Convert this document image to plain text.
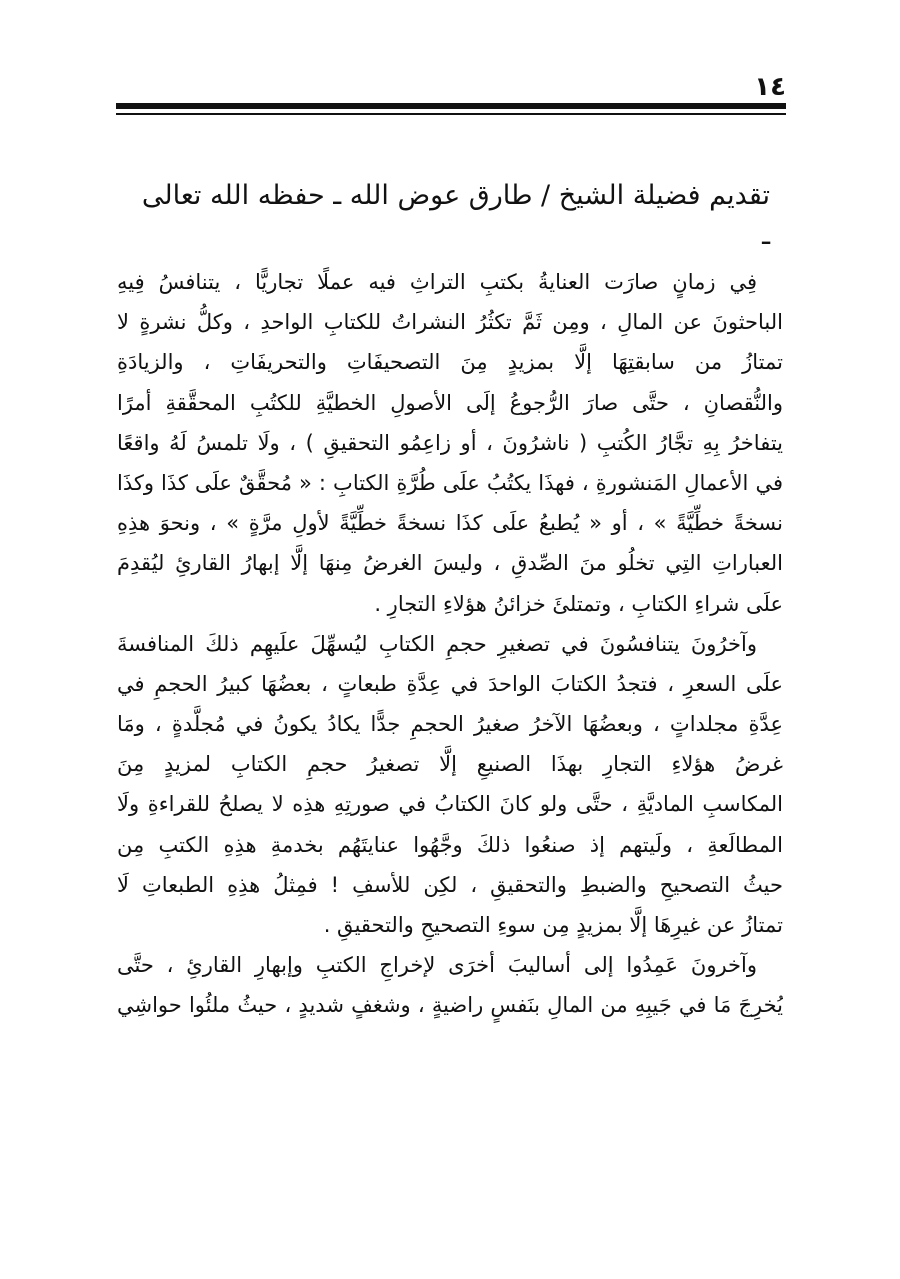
١٤
تقديم فضيلة الشيخ / طارق عوض الله ـ حفظه الله تعالى ـ
فِي زمانٍ صارَت العنايةُ بكتبِ التراثِ فيه عملًا تجاريًّا ، يتنافسُ فِيهِ
الباحثونَ عن المالِ ، ومِن ثَمَّ تكثُرُ النشراتُ للكتابِ الواحدِ ، وكلُّ نشرةٍ لا
تمتازُ من سابقتِهَا إلَّا بمزيدٍ مِنَ التصحيفَاتِ والتحريفَاتِ ، والزيادَةِ
والنُّقصانِ ، حتَّى صارَ الرُّجوعُ إلَى الأصولِ الخطيَّةِ للكتُبِ المحقَّقةِ أمرًا
يتفاخرُ بِهِ تجَّارُ الكُتبِ ( ناشرُونَ ، أو زاعِمُو التحقيقِ ) ، ولَا تلمسُ لَهُ واقعًا
في الأعمالِ المَنشورةِ ، فهذَا يكتُبُ علَى طُرَّةِ الكتابِ : « مُحقَّقٌ علَى كذَا وكذَا
نسخةً خطِّيَّةً » ، أو « يُطبعُ علَى كذَا نسخةً خطِّيَّةً لأولِ مرَّةٍ » ، ونحوَ هذِهِ
العباراتِ التِي تخلُو منَ الصِّدقِ ، وليسَ الغرضُ مِنهَا إلَّا إبهارُ القارئِ ليُقدِمَ
علَى شراءِ الكتابِ ، وتمتلئَ خزائنُ هؤلاءِ التجارِ .
وآخرُونَ يتنافسُونَ في تصغيرِ حجمِ الكتابِ ليُسهِّلَ علَيهِم ذلكَ المنافسةَ
علَى السعرِ ، فتجدُ الكتابَ الواحدَ في عِدَّةِ طبعاتٍ ، بعضُهَا كبيرُ الحجمِ في
عِدَّةِ مجلداتٍ ، وبعضُهَا الآخرُ صغيرُ الحجمِ جدًّا يكادُ يكونُ في مُجلَّدةٍ ، ومَا
غرضُ هؤلاءِ التجارِ بهذَا الصنيعِ إلَّا تصغيرُ حجمِ الكتابِ لمزيدٍ مِنَ
المكاسبِ الماديَّةِ ، حتَّى ولو كانَ الكتابُ في صورتِهِ هذِه لا يصلحُ للقراءةِ ولَا
المطالَعةِ ، ولَيتهم إذ صنعُوا ذلكَ وجَّهُوا عنايتَهُم بخدمةِ هذِهِ الكتبِ مِن
حيثُ التصحيحِ والضبطِ والتحقيقِ ، لكِن للأسفِ ! فمِثلُ هذِهِ الطبعاتِ لَا
تمتازُ عن غيرِهَا إلَّا بمزيدٍ مِن سوءِ التصحيحِ والتحقيقِ .
وآخرونَ عَمِدُوا إلى أساليبَ أخرَى لإخراجِ الكتبِ وإبهارِ القارئِ ، حتَّى
يُخرِجَ مَا في جَيبِهِ من المالِ بنَفسٍ راضيةٍ ، وشغفٍ شديدٍ ، حيثُ ملئُوا حواشِي
